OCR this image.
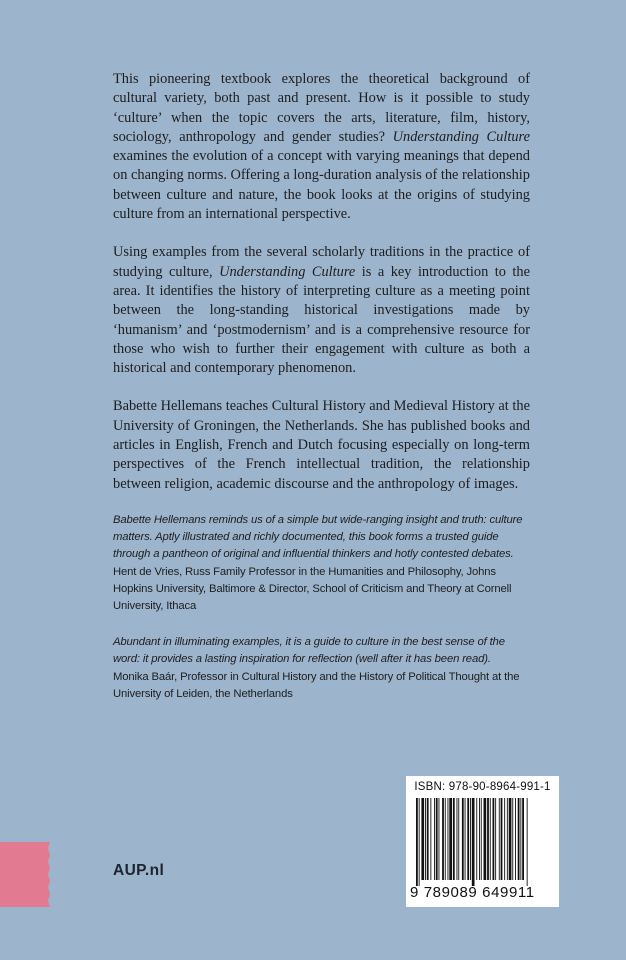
This pioneering textbook explores the theoretical background of cultural variety, both past and present. How is it possible to study ‘culture’ when the topic covers the arts, literature, film, history, sociology, anthropology and gender studies? Understanding Culture examines the evolution of a concept with varying meanings that depend on changing norms. Offering a long-duration analysis of the relationship between culture and nature, the book looks at the origins of studying culture from an international perspective.

Using examples from the several scholarly traditions in the practice of studying culture, Understanding Culture is a key introduction to the area. It identifies the history of interpreting culture as a meeting point between the long-standing historical investigations made by ‘humanism’ and ‘postmodernism’ and is a comprehensive resource for those who wish to further their engagement with culture as both a historical and contemporary phenomenon.

Babette Hellemans teaches Cultural History and Medieval History at the University of Groningen, the Netherlands. She has published books and articles in English, French and Dutch focusing especially on long-term perspectives of the French intellectual tradition, the relationship between religion, academic discourse and the anthropology of images.

Babette Hellemans reminds us of a simple but wide-ranging insight and truth: culture matters. Aptly illustrated and richly documented, this book forms a trusted guide through a pantheon of original and influential thinkers and hotly contested debates.
Hent de Vries, Russ Family Professor in the Humanities and Philosophy, Johns Hopkins University, Baltimore & Director, School of Criticism and Theory at Cornell University, Ithaca
Abundant in illuminating examples, it is a guide to culture in the best sense of the word: it provides a lasting inspiration for reflection (well after it has been read).
Monika Baár, Professor in Cultural History and the History of Political Thought at the University of Leiden, the Netherlands
AUP.nl
ISBN: 978-90-8964-991-1
9 789089 649911
